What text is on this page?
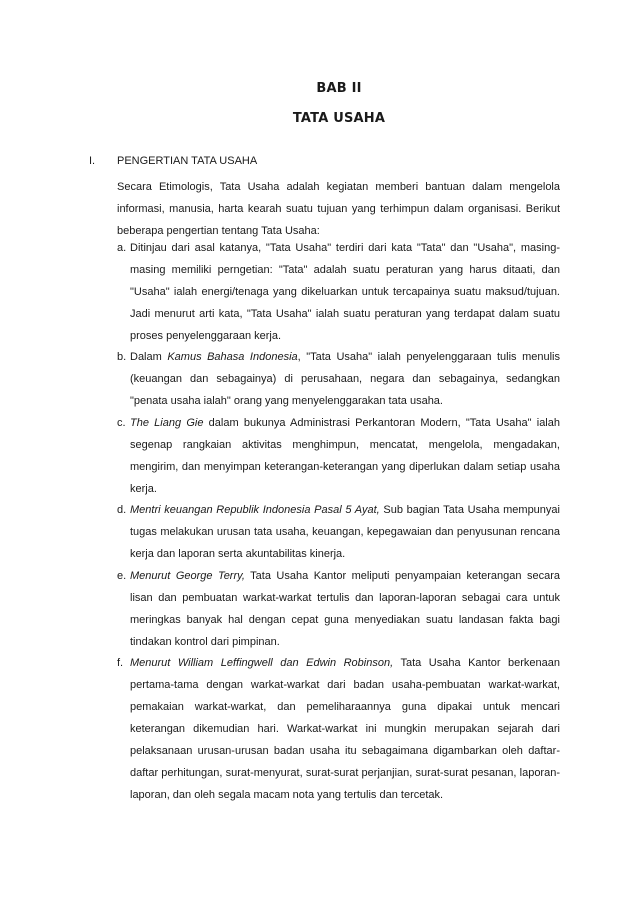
BAB II
TATA USAHA
I. PENGERTIAN TATA USAHA
Secara Etimologis, Tata Usaha adalah kegiatan memberi bantuan dalam mengelola informasi, manusia, harta kearah suatu tujuan yang terhimpun dalam organisasi. Berikut beberapa pengertian tentang Tata Usaha:
a. Ditinjau dari asal katanya, "Tata Usaha" terdiri dari kata "Tata" dan "Usaha", masing-masing memiliki perngetian: "Tata" adalah suatu peraturan yang harus ditaati, dan "Usaha" ialah energi/tenaga yang dikeluarkan untuk tercapainya suatu maksud/tujuan. Jadi menurut arti kata, "Tata Usaha" ialah suatu peraturan yang terdapat dalam suatu proses penyelenggaraan kerja.
b. Dalam Kamus Bahasa Indonesia, "Tata Usaha" ialah penyelenggaraan tulis menulis (keuangan dan sebagainya) di perusahaan, negara dan sebagainya, sedangkan "penata usaha ialah" orang yang menyelenggarakan tata usaha.
c. The Liang Gie dalam bukunya Administrasi Perkantoran Modern, "Tata Usaha" ialah segenap rangkaian aktivitas menghimpun, mencatat, mengelola, mengadakan, mengirim, dan menyimpan keterangan-keterangan yang diperlukan dalam setiap usaha kerja.
d. Mentri keuangan Republik Indonesia Pasal 5 Ayat, Sub bagian Tata Usaha mempunyai tugas melakukan urusan tata usaha, keuangan, kepegawaian dan penyusunan rencana kerja dan laporan serta akuntabilitas kinerja.
e. Menurut George Terry, Tata Usaha Kantor meliputi penyampaian keterangan secara lisan dan pembuatan warkat-warkat tertulis dan laporan-laporan sebagai cara untuk meringkas banyak hal dengan cepat guna menyediakan suatu landasan fakta bagi tindakan kontrol dari pimpinan.
f. Menurut William Leffingwell dan Edwin Robinson, Tata Usaha Kantor berkenaan pertama-tama dengan warkat-warkat dari badan usaha-pembuatan warkat-warkat, pemakaian warkat-warkat, dan pemeliharaannya guna dipakai untuk mencari keterangan dikemudian hari. Warkat-warkat ini mungkin merupakan sejarah dari pelaksanaan urusan-urusan badan usaha itu sebagaimana digambarkan oleh daftar-daftar perhitungan, surat-menyurat, surat-surat perjanjian, surat-surat pesanan, laporan-laporan, dan oleh segala macam nota yang tertulis dan tercetak.
